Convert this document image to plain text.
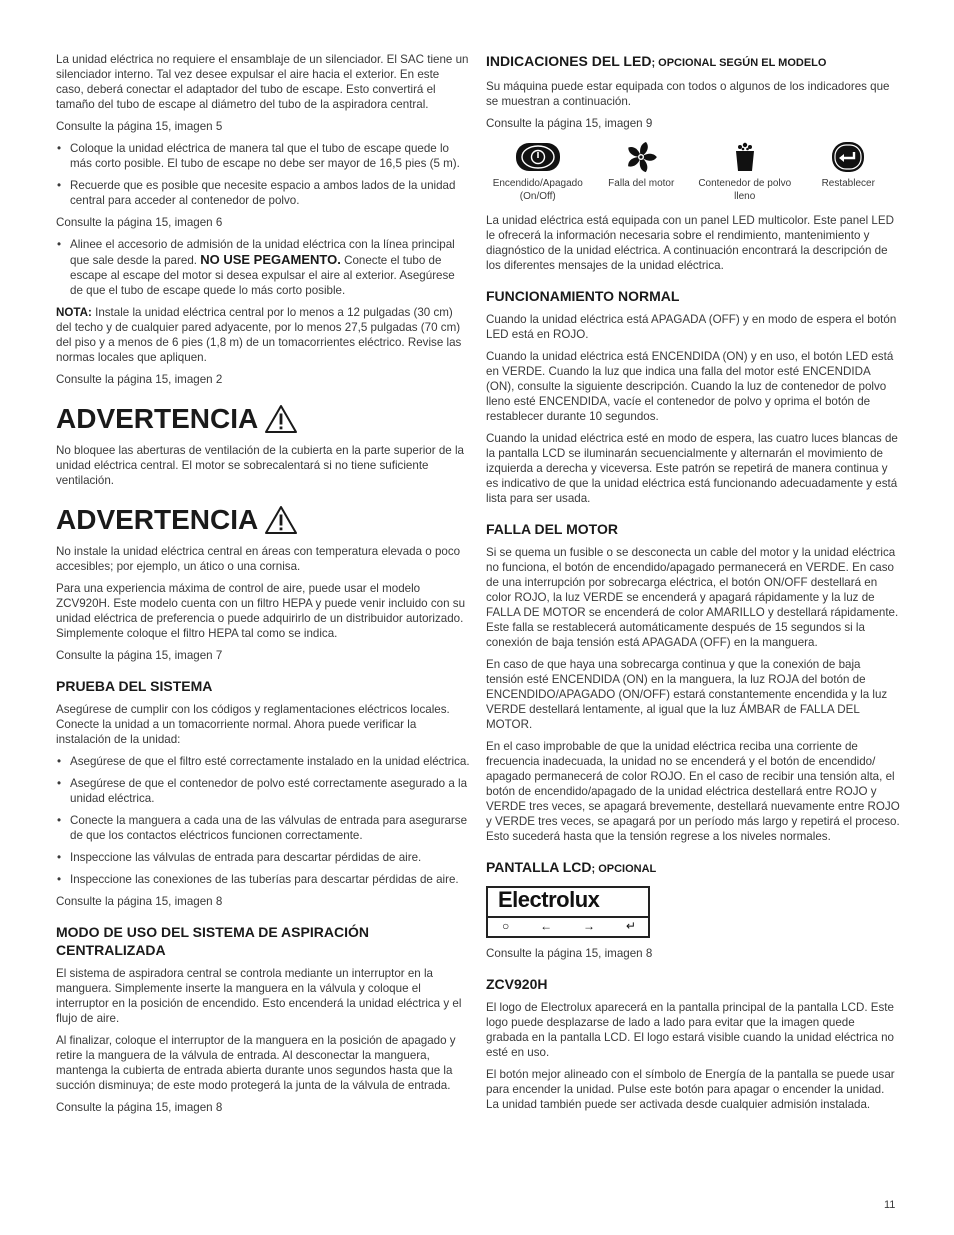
La unidad eléctrica no requiere el ensamblaje de un silenciador. El SAC tiene un silenciador interno. Tal vez desee expulsar el aire hacia el exterior. En este caso, deberá conectar el adaptador del tubo de escape. Esto convertirá el tamaño del tubo de escape al diámetro del tubo de la aspiradora central.

Consulte la página 15, imagen 5

• Coloque la unidad eléctrica de manera tal que el tubo de escape quede lo más corto posible. El tubo de escape no debe ser mayor de 16,5 pies (5 m).
• Recuerde que es posible que necesite espacio a ambos lados de la unidad central para acceder al contenedor de polvo.

Consulte la página 15, imagen 6

• Alinee el accesorio de admisión de la unidad eléctrica con la línea principal que sale desde la pared. NO USE PEGAMENTO. Conecte el tubo de escape al escape del motor si desea expulsar el aire al exterior. Asegúrese de que el tubo de escape quede lo más corto posible.

NOTA: Instale la unidad eléctrica central por lo menos a 12 pulgadas (30 cm) del techo y de cualquier pared adyacente, por lo menos 27,5 pulgadas (70 cm) del piso y a menos de 6 pies (1,8 m) de un tomacorrientes eléctrico. Revise las normas locales que apliquen.

Consulte la página 15, imagen 2

ADVERTENCIA

No bloquee las aberturas de ventilación de la cubierta en la parte superior de la unidad eléctrica central. El motor se sobrecalentará si no tiene suficiente ventilación.

ADVERTENCIA

No instale la unidad eléctrica central en áreas con temperatura elevada o poco accesibles; por ejemplo, un ático o una cornisa.

Para una experiencia máxima de control de aire, puede usar el modelo ZCV920H. Este modelo cuenta con un filtro HEPA y puede venir incluido con su unidad eléctrica de preferencia o puede adquirirlo de un distribuidor autorizado. Simplemente coloque el filtro HEPA tal como se indica.

Consulte la página 15, imagen 7

PRUEBA DEL SISTEMA

Asegúrese de cumplir con los códigos y reglamentaciones eléctricos locales. Conecte la unidad a un tomacorriente normal. Ahora puede verificar la instalación de la unidad:

• Asegúrese de que el filtro esté correctamente instalado en la unidad eléctrica.
• Asegúrese de que el contenedor de polvo esté correctamente asegurado a la unidad eléctrica.
• Conecte la manguera a cada una de las válvulas de entrada para asegurarse de que los contactos eléctricos funcionen correctamente.
• Inspeccione las válvulas de entrada para descartar pérdidas de aire.
• Inspeccione las conexiones de las tuberías para descartar pérdidas de aire.

Consulte la página 15, imagen 8

MODO DE USO DEL SISTEMA DE ASPIRACIÓN CENTRALIZADA

El sistema de aspiradora central se controla mediante un interruptor en la manguera. Simplemente inserte la manguera en la válvula y coloque el interruptor en la posición de encendido. Esto encenderá la unidad eléctrica y el flujo de aire.

Al finalizar, coloque el interruptor de la manguera en la posición de apagado y retire la manguera de la válvula de entrada. Al desconectar la manguera, mantenga la cubierta de entrada abierta durante unos segundos hasta que la succión disminuya; de este modo protegerá la junta de la válvula de entrada.

Consulte la página 15, imagen 8

INDICACIONES DEL LED; OPCIONAL SEGÚN EL MODELO

Su máquina puede estar equipada con todos o algunos de los indicadores que se muestran a continuación.

Consulte la página 15, imagen 9

Encendido/Apagado (On/Off)
Falla del motor	Contenedor de polvo lleno
Restablecer

La unidad eléctrica está equipada con un panel LED multicolor. Este panel LED le ofrecerá la información necesaria sobre el rendimiento, mantenimiento y diagnóstico de la unidad eléctrica. A continuación encontrará la descripción de los diferentes mensajes de la unidad eléctrica.

FUNCIONAMIENTO NORMAL

Cuando la unidad eléctrica está APAGADA (OFF) y en modo de espera el botón LED está en ROJO.

Cuando la unidad eléctrica está ENCENDIDA (ON) y en uso, el botón LED está en VERDE. Cuando la luz que indica una falla del motor esté ENCENDIDA (ON), consulte la siguiente descripción. Cuando la luz de contenedor de polvo lleno esté ENCENDIDA, vacíe el contenedor de polvo y oprima el botón de restablecer durante 10 segundos.

Cuando la unidad eléctrica esté en modo de espera, las cuatro luces blancas de la pantalla LCD se iluminarán secuencialmente y alternarán el movimiento de izquierda a derecha y viceversa. Este patrón se repetirá de manera continua y es indicativo de que la unidad eléctrica está funcionando adecuadamente y está lista para ser usada.

FALLA DEL MOTOR

Si se quema un fusible o se desconecta un cable del motor y la unidad eléctrica no funciona, el botón de encendido/apagado permanecerá en VERDE. En caso de una interrupción por sobrecarga eléctrica, el botón ON/OFF destellará en color ROJO, la luz VERDE se encenderá y apagará rápidamente y la luz de FALLA DE MOTOR se encenderá de color AMARILLO y destellará rápidamente. Este falla se restablecerá automáticamente después de 15 segundos si la conexión de baja tensión está APAGADA (OFF) en la manguera.

En caso de que haya una sobrecarga continua y que la conexión de baja tensión esté ENCENDIDA (ON) en la manguera, la luz ROJA del botón de ENCENDIDO/APAGADO (ON/OFF) estará constantemente encendida y la luz VERDE destellará lentamente, al igual que la luz ÁMBAR de FALLA DEL MOTOR.

En el caso improbable de que la unidad eléctrica reciba una corriente de frecuencia inadecuada, la unidad no se encenderá y el botón de encendido/ apagado permanecerá de color ROJO. En el caso de recibir una tensión alta, el botón de encendido/apagado de la unidad eléctrica destellará entre ROJO y VERDE tres veces, se apagará brevemente, destellará nuevamente entre ROJO y VERDE tres veces, se apagará por un período más largo y repetirá el proceso. Esto sucederá hasta que la tensión regrese a los niveles normales.

PANTALLA LCD; OPCIONAL
Electrolux
○	←	→	↵

Consulte la página 15, imagen 8

ZCV920H

El logo de Electrolux aparecerá en la pantalla principal de la pantalla LCD. Este logo puede desplazarse de lado a lado para evitar que la imagen quede grabada en la pantalla LCD. El logo estará visible cuando la unidad eléctrica no esté en uso.

El botón mejor alineado con el símbolo de Energía de la pantalla se puede usar para encender la unidad. Pulse este botón para apagar o encender la unidad. La unidad también puede ser activada desde cualquier admisión instalada.

11
